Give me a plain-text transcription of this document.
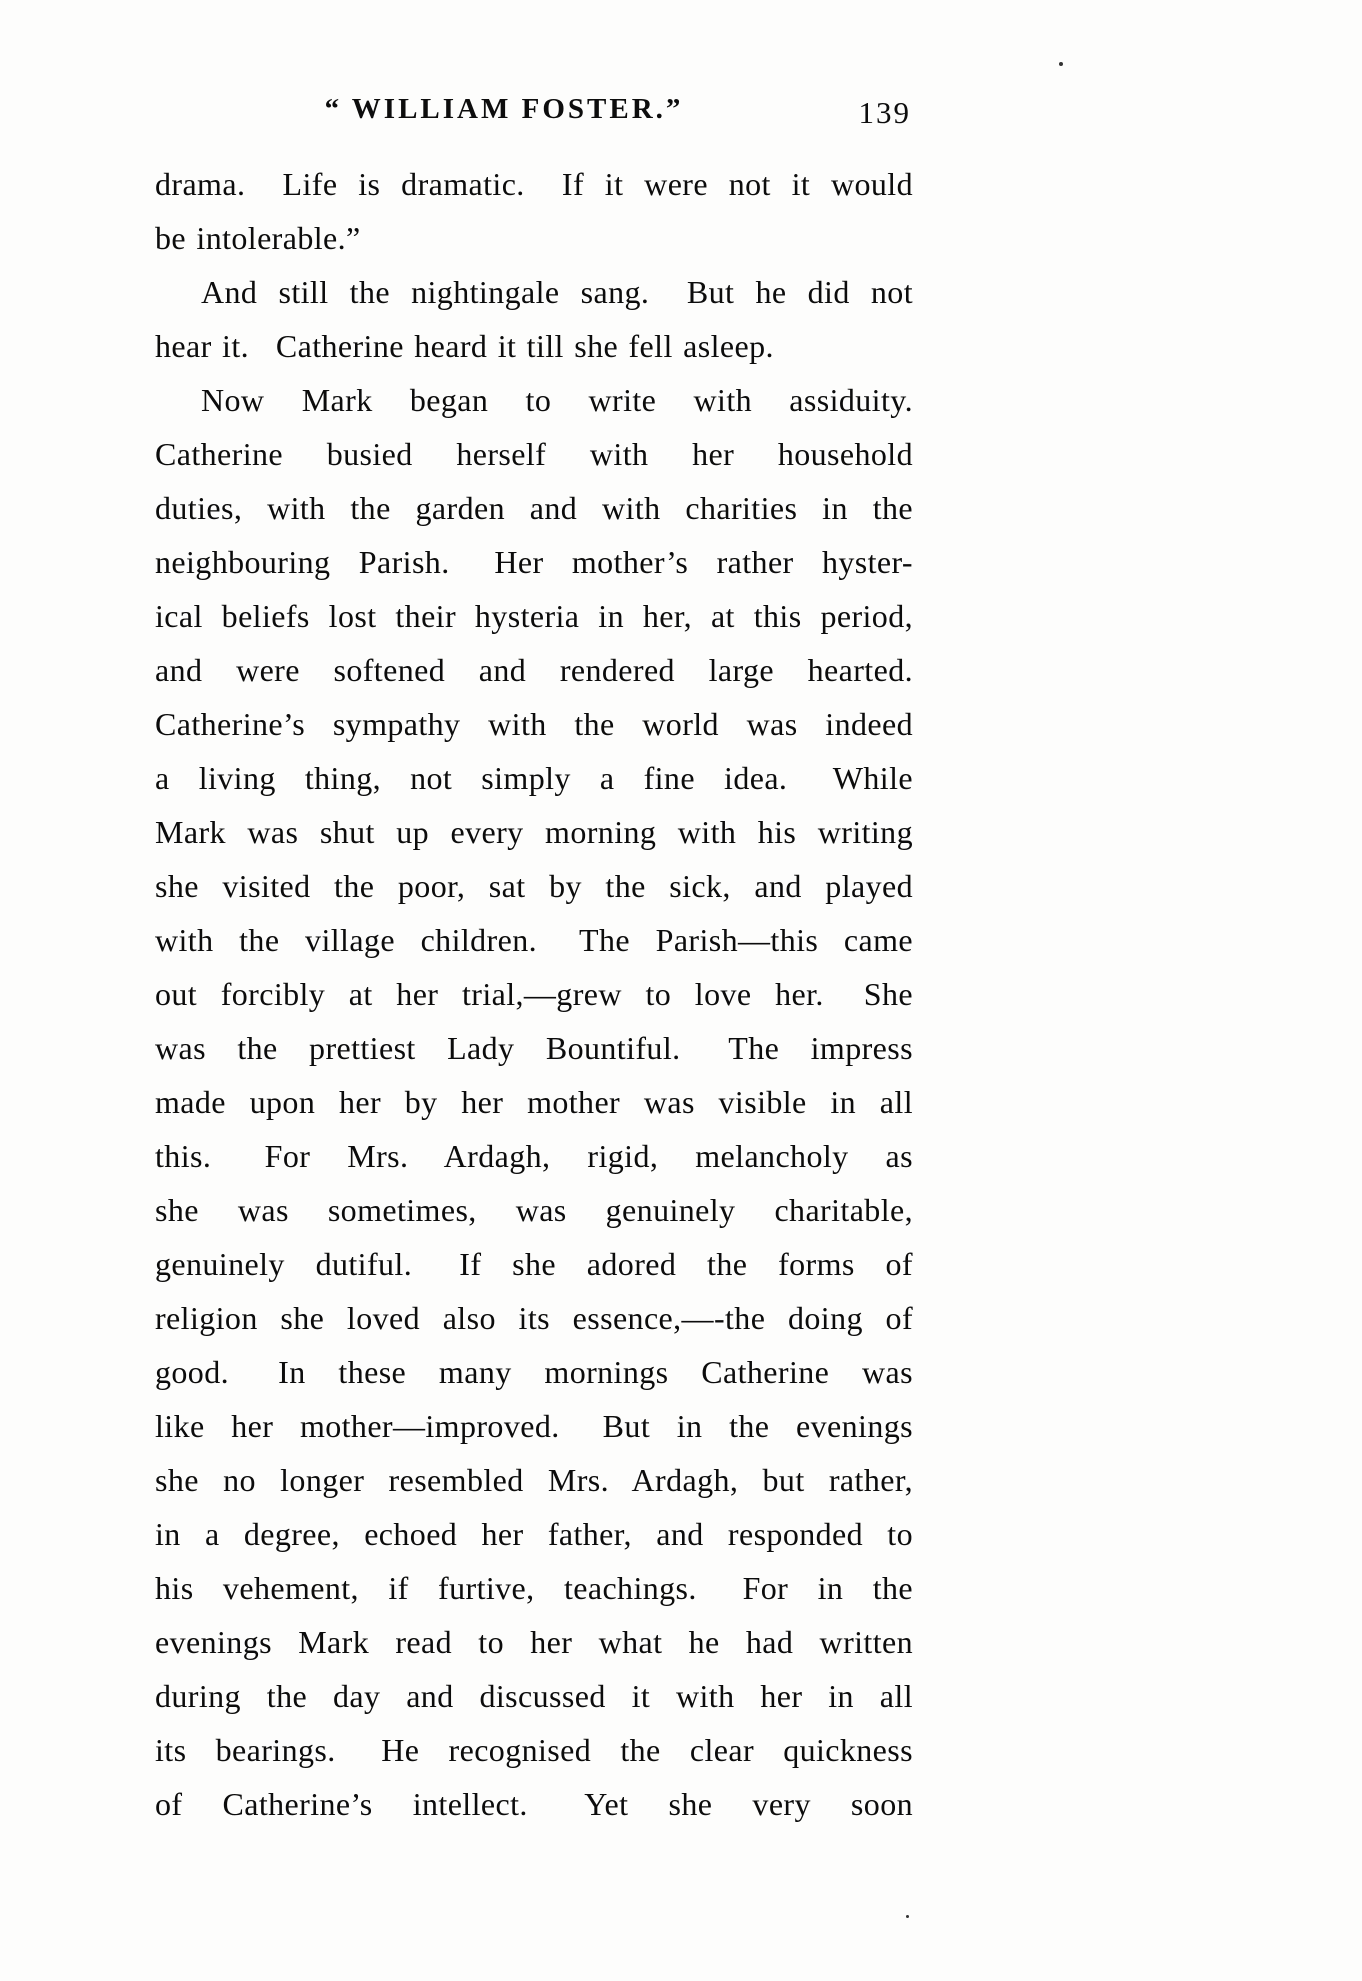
“ WILLIAM FOSTER.”	139
drama.  Life is dramatic.  If it were not it would
be intolerable.”
And still the nightingale sang.  But he did not
hear it.  Catherine heard it till she fell asleep.
Now Mark began to write with assiduity.
Catherine busied herself with her household
duties, with the garden and with charities in the
neighbouring Parish.  Her mother’s rather hyster-
ical beliefs lost their hysteria in her, at this period,
and were softened and rendered large hearted.
Catherine’s sympathy with the world was indeed
a living thing, not simply a fine idea.  While
Mark was shut up every morning with his writing
she visited the poor, sat by the sick, and played
with the village children.  The Parish—this came
out forcibly at her trial,—grew to love her.  She
was the prettiest Lady Bountiful.  The impress
made upon her by her mother was visible in all
this.  For Mrs. Ardagh, rigid, melancholy as
she was sometimes, was genuinely charitable,
genuinely dutiful.  If she adored the forms of
religion she loved also its essence,—-the doing of
good.  In these many mornings Catherine was
like her mother—improved.  But in the evenings
she no longer resembled Mrs. Ardagh, but rather,
in a degree, echoed her father, and responded to
his vehement, if furtive, teachings.  For in the
evenings Mark read to her what he had written
during the day and discussed it with her in all
its bearings.  He recognised the clear quickness
of Catherine’s intellect.  Yet she very soon
